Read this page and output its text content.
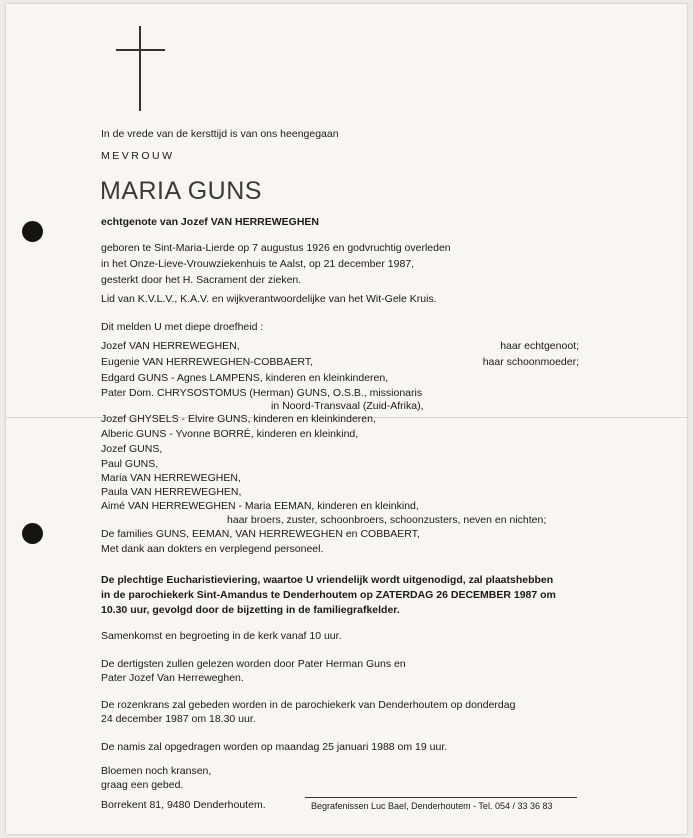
In de vrede van de kersttijd is van ons heengegaan
MEVROUW
MARIA GUNS
echtgenote van Jozef VAN HERREWEGHEN
geboren te Sint-Maria-Lierde op 7 augustus 1926 en godvruchtig overleden
in het Onze-Lieve-Vrouwziekenhuis te Aalst, op 21 december 1987,
gesterkt door het H. Sacrament der zieken.
Lid van K.V.L.V., K.A.V. en wijkverantwoordelijke van het Wit-Gele Kruis.
Dit melden U met diepe droefheid :
Jozef VAN HERREWEGHEN,	haar echtgenoot;
Eugenie VAN HERREWEGHEN-COBBAERT,	haar schoonmoeder;
Edgard GUNS - Agnes LAMPENS, kinderen en kleinkinderen,
Pater Dom. CHRYSOSTOMUS (Herman) GUNS, O.S.B., missionaris
in Noord-Transvaal (Zuid-Afrika),
Jozef GHYSELS - Elvire GUNS, kinderen en kleinkinderen,
Alberic GUNS - Yvonne BORRÉ, kinderen en kleinkind,
Jozef GUNS,
Paul GUNS,
Maria VAN HERREWEGHEN,
Paula VAN HERREWEGHEN,
Aimé VAN HERREWEGHEN - Maria EEMAN, kinderen en kleinkind,
haar broers, zuster, schoonbroers, schoonzusters, neven en nichten;
De families GUNS, EEMAN, VAN HERREWEGHEN en COBBAERT,
Met dank aan dokters en verplegend personeel.
De plechtige Eucharistieviering, waartoe U vriendelijk wordt uitgenodigd, zal plaatshebben
in de parochiekerk Sint-Amandus te Denderhoutem op ZATERDAG 26 DECEMBER 1987 om
10.30 uur, gevolgd door de bijzetting in de familiegrafkelder.
Samenkomst en begroeting in de kerk vanaf 10 uur.
De dertigsten zullen gelezen worden door Pater Herman Guns en
Pater Jozef Van Herreweghen.
De rozenkrans zal gebeden worden in de parochiekerk van Denderhoutem op donderdag
24 december 1987 om 18.30 uur.
De namis zal opgedragen worden op maandag 25 januari 1988 om 19 uur.
Bloemen noch kransen,
graag een gebed.
Borrekent 81, 9480 Denderhoutem.	Begrafenissen Luc Bael, Denderhoutem - Tel. 054 / 33 36 83
